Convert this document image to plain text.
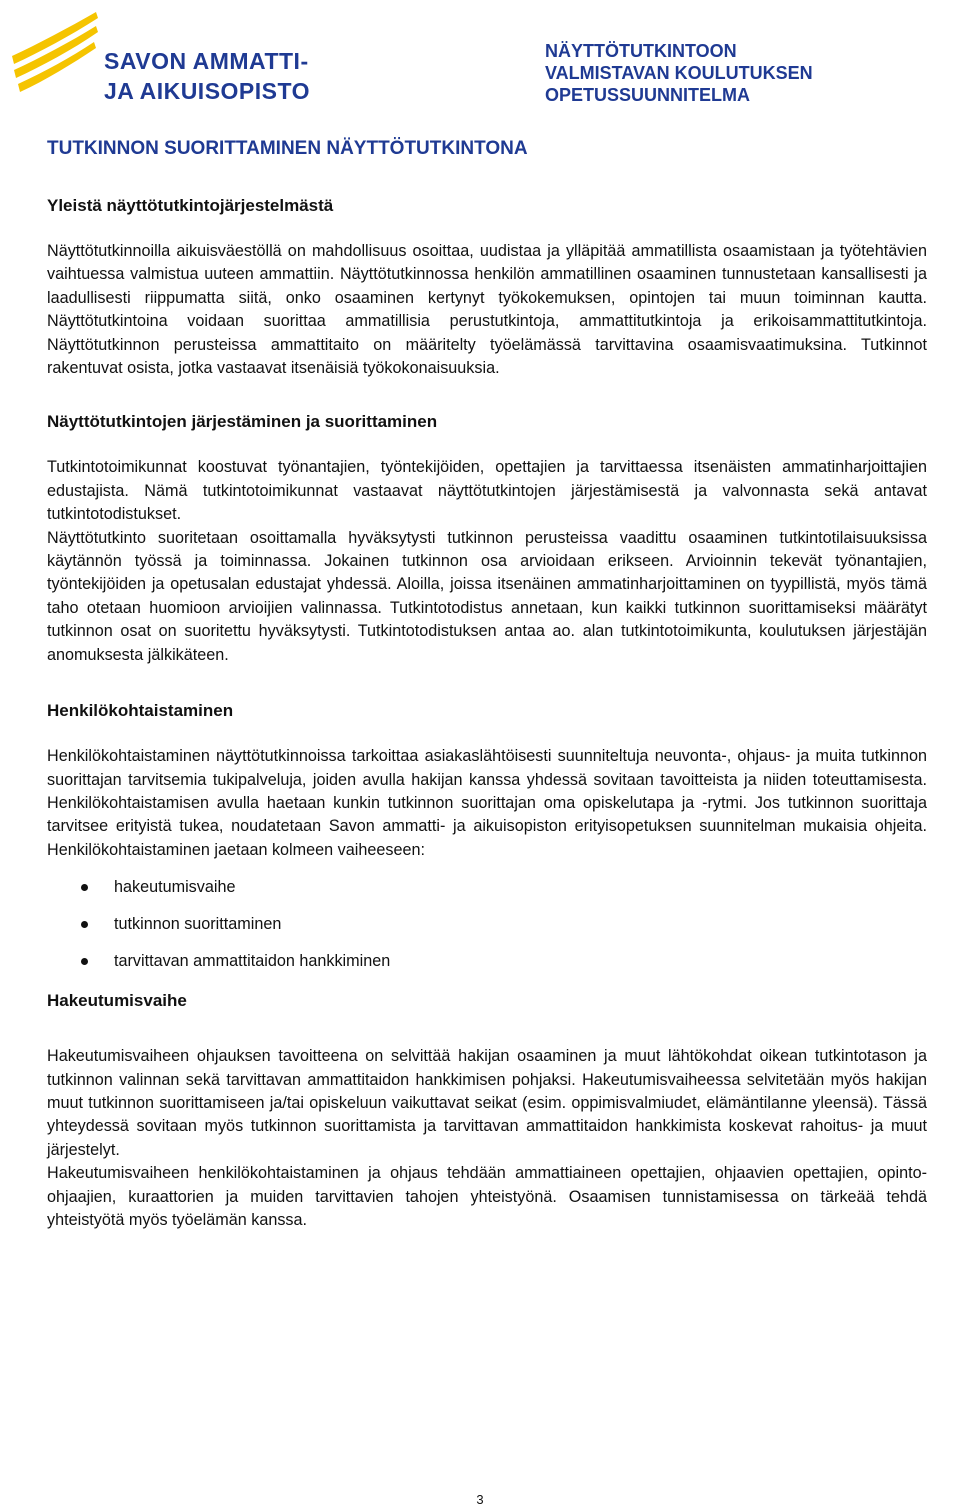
SAVON AMMATTI-
JA AIKUISOPISTO
NÄYTTÖTUTKINTOON
VALMISTAVAN KOULUTUKSEN
OPETUSSUUNNITELMA
TUTKINNON SUORITTAMINEN NÄYTTÖTUTKINTONA
Yleistä näyttötutkintojärjestelmästä

Näyttötutkinnoilla aikuisväestöllä on mahdollisuus osoittaa, uudistaa ja ylläpitää ammatillista osaamistaan ja työtehtävien vaihtuessa valmistua uuteen ammattiin. Näyttötutkinnossa henkilön ammatillinen osaaminen tunnustetaan kansallisesti ja laadullisesti riippumatta siitä, onko osaaminen kertynyt työkokemuksen, opintojen tai muun toiminnan kautta. Näyttötutkintoina voidaan suorittaa ammatillisia perustutkintoja, ammattitutkintoja ja erikoisammattitutkintoja. Näyttötutkinnon perusteissa ammattitaito on määritelty työelämässä tarvittavina osaamisvaatimuksina. Tutkinnot rakentuvat osista, jotka vastaavat itsenäisiä työkokonaisuuksia.

Näyttötutkintojen järjestäminen ja suorittaminen

Tutkintotoimikunnat koostuvat työnantajien, työntekijöiden, opettajien ja tarvittaessa itsenäisten ammatinharjoittajien edustajista. Nämä tutkintotoimikunnat vastaavat näyttötutkintojen järjestämisestä ja valvonnasta sekä antavat tutkintotodistukset.

Näyttötutkinto suoritetaan osoittamalla hyväksytysti tutkinnon perusteissa vaadittu osaaminen tutkintotilaisuuksissa käytännön työssä ja toiminnassa. Jokainen tutkinnon osa arvioidaan erikseen. Arvioinnin tekevät työnantajien, työntekijöiden ja opetusalan edustajat yhdessä. Aloilla, joissa itsenäinen ammatinharjoittaminen on tyypillistä, myös tämä taho otetaan huomioon arvioijien valinnassa. Tutkintotodistus annetaan, kun kaikki tutkinnon suorittamiseksi määrätyt tutkinnon osat on suoritettu hyväksytysti. Tutkintotodistuksen antaa ao. alan tutkintotoimikunta, koulutuksen järjestäjän anomuksesta jälkikäteen.

Henkilökohtaistaminen

Henkilökohtaistaminen näyttötutkinnoissa tarkoittaa asiakaslähtöisesti suunniteltuja neuvonta-, ohjaus- ja muita tutkinnon suorittajan tarvitsemia tukipalveluja, joiden avulla hakijan kanssa yhdessä sovitaan tavoitteista ja niiden toteuttamisesta. Henkilökohtaistamisen avulla haetaan kunkin tutkinnon suorittajan oma opiskelutapa ja -rytmi. Jos tutkinnon suorittaja tarvitsee erityistä tukea, noudatetaan Savon ammatti- ja aikuisopiston erityisopetuksen suunnitelman mukaisia ohjeita. Henkilökohtaistaminen jaetaan kolmeen vaiheeseen:

hakeutumisvaihe
tutkinnon suorittaminen
tarvittavan ammattitaidon hankkiminen
Hakeutumisvaihe

Hakeutumisvaiheen ohjauksen tavoitteena on selvittää hakijan osaaminen ja muut lähtökohdat oikean tutkintotason ja tutkinnon valinnan sekä tarvittavan ammattitaidon hankkimisen pohjaksi. Hakeutumisvaiheessa selvitetään myös hakijan muut tutkinnon suorittamiseen ja/tai opiskeluun vaikuttavat seikat (esim. oppimisvalmiudet, elämäntilanne yleensä). Tässä yhteydessä sovitaan myös tutkinnon suorittamista ja tarvittavan ammattitaidon hankkimista koskevat rahoitus- ja muut järjestelyt.

Hakeutumisvaiheen henkilökohtaistaminen ja ohjaus tehdään ammattiaineen opettajien, ohjaavien opettajien, opinto-ohjaajien, kuraattorien ja muiden tarvittavien tahojen yhteistyönä. Osaamisen tunnistamisessa on tärkeää tehdä yhteistyötä myös työelämän kanssa.

3
